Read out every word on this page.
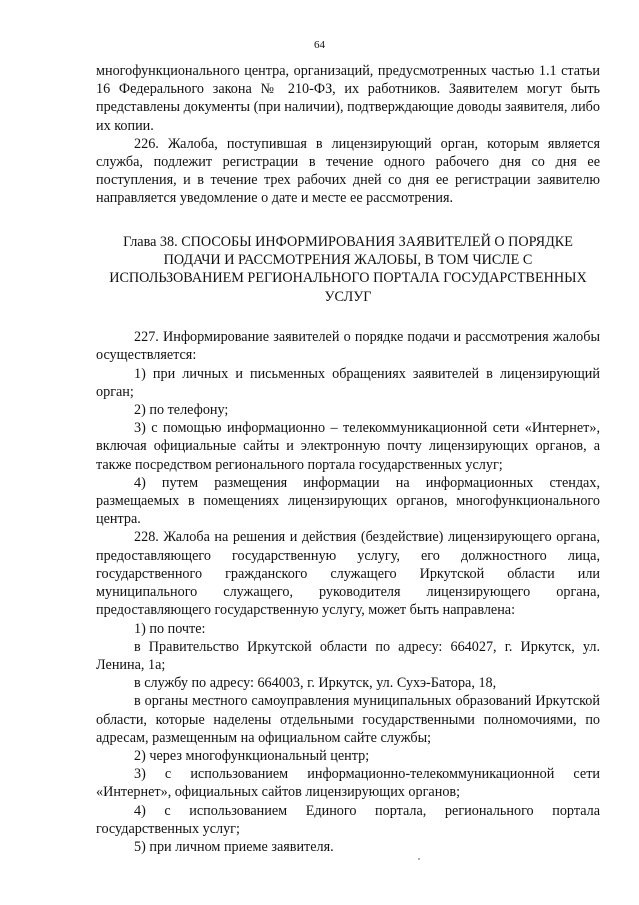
64

многофункционального центра, организаций, предусмотренных частью 1.1 статьи 16 Федерального закона № 210-ФЗ, их работников. Заявителем могут быть представлены документы (при наличии), подтверждающие доводы заявителя, либо их копии.

226. Жалоба, поступившая в лицензирующий орган, которым является служба, подлежит регистрации в течение одного рабочего дня со дня ее поступления, и в течение трех рабочих дней со дня ее регистрации заявителю направляется уведомление о дате и месте ее рассмотрения.

Глава 38. СПОСОБЫ ИНФОРМИРОВАНИЯ ЗАЯВИТЕЛЕЙ О ПОРЯДКЕ ПОДАЧИ И РАССМОТРЕНИЯ ЖАЛОБЫ, В ТОМ ЧИСЛЕ С ИСПОЛЬЗОВАНИЕМ РЕГИОНАЛЬНОГО ПОРТАЛА ГОСУДАРСТВЕННЫХ УСЛУГ

227. Информирование заявителей о порядке подачи и рассмотрения жалобы осуществляется:

1) при личных и письменных обращениях заявителей в лицензирующий орган;

2) по телефону;

3) с помощью информационно – телекоммуникационной сети «Интернет», включая официальные сайты и электронную почту лицензирующих органов, а также посредством регионального портала государственных услуг;

4) путем размещения информации на информационных стендах, размещаемых в помещениях лицензирующих органов, многофункционального центра.

228. Жалоба на решения и действия (бездействие) лицензирующего органа, предоставляющего государственную услугу, его должностного лица, государственного гражданского служащего Иркутской области или муниципального служащего, руководителя лицензирующего органа, предоставляющего государственную услугу, может быть направлена:

1) по почте:

в Правительство Иркутской области по адресу: 664027, г. Иркутск, ул. Ленина, 1а;

в службу по адресу: 664003, г. Иркутск, ул. Сухэ-Батора, 18,

в органы местного самоуправления муниципальных образований Иркутской области, которые наделены отдельными государственными полномочиями, по адресам, размещенным на официальном сайте службы;

2) через многофункциональный центр;

3) с использованием информационно-телекоммуникационной сети «Интернет», официальных сайтов лицензирующих органов;

4) с использованием Единого портала, регионального портала государственных услуг;

5) при личном приеме заявителя.
